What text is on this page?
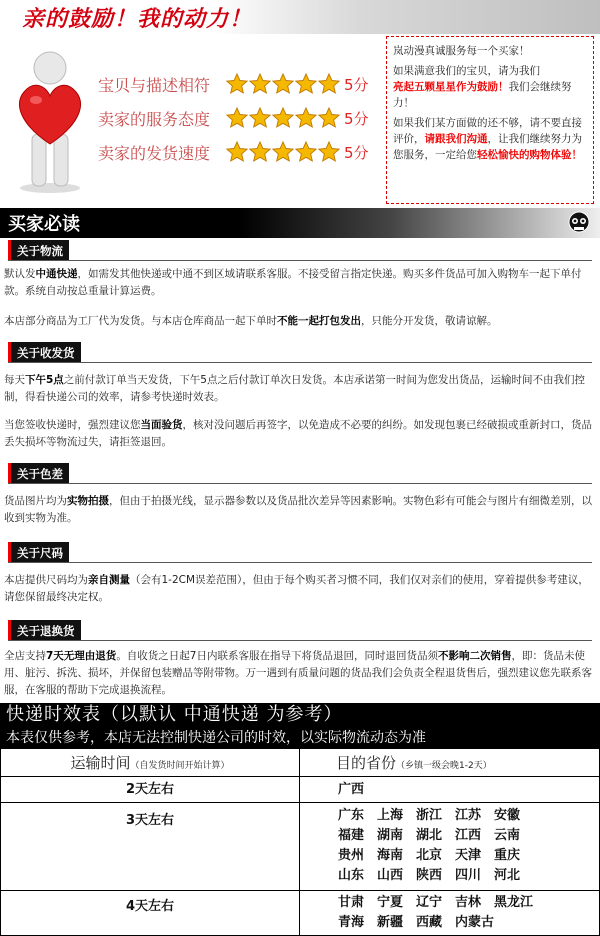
亲的鼓励！我的动力！
宝贝与描述相符	5分
卖家的服务态度	5分
卖家的发货速度	5分

岚动漫真诚服务每一个买家！

如果满意我们的宝贝，请为我们
亮起五颗星星作为鼓励！我们会继续努力！

如果我们某方面做的还不够，请不要直接 评价，请跟我们沟通，让我们继续努力为 您服务，一定给您轻松愉快的购物体验！

买家必读
关于物流
默认发中通快递，如需发其他快递或中通不到区域请联系客服。不接受留言指定快递。购买多件货品可加入购物车一起下单付款。系统自动按总重量计算运费。
本店部分商品为工厂代为发货。与本店仓库商品一起下单时不能一起打包发出，只能分开发货，敬请谅解。
关于收发货
每天下午5点之前付款订单当天发货，下午5点之后付款订单次日发货。本店承诺第一时间为您发出货品，运输时间不由我们控制，得看快递公司的效率，请参考快递时效表。
当您签收快递时，强烈建议您当面验货，核对没问题后再签字，以免造成不必要的纠纷。如发现包裹已经破损或重新封口，货品丢失损坏等物流过失，请拒签退回。
关于色差
货品图片均为实物拍摄，但由于拍摄光线，显示器参数以及货品批次差异等因素影响。实物色彩有可能会与图片有细微差别，以收到实物为准。
关于尺码
本店提供尺码均为亲自测量（会有1-2CM误差范围），但由于每个购买者习惯不同，我们仅对亲们的使用，穿着提供参考建议，请您保留最终决定权。
关于退换货
全店支持7天无理由退货。自收货之日起7日内联系客服在指导下将货品退回，同时退回货品须不影响二次销售，即：货品未使用、脏污、拆洗、损坏，并保留包装赠品等附带物。万一遇到有质量问题的货品我们会负责全程退货售后，强烈建议您先联系客服，在客服的帮助下完成退换流程。
快递时效表（以默认 中通快递 为参考）
本表仅供参考，本店无法控制快递公司的时效，以实际物流动态为准
运输时间（自发货时间开始计算）	目的省份（乡镇一级会晚1-2天）
2天左右	广西
3天左右	广东　上海　浙江　江苏　安徽
福建　湖南　湖北　江西　云南
贵州　海南　北京　天津　重庆
山东　山西　陕西　四川　河北
4天左右	甘肃　宁夏　辽宁　吉林　黑龙江
青海　新疆　西藏　内蒙古
